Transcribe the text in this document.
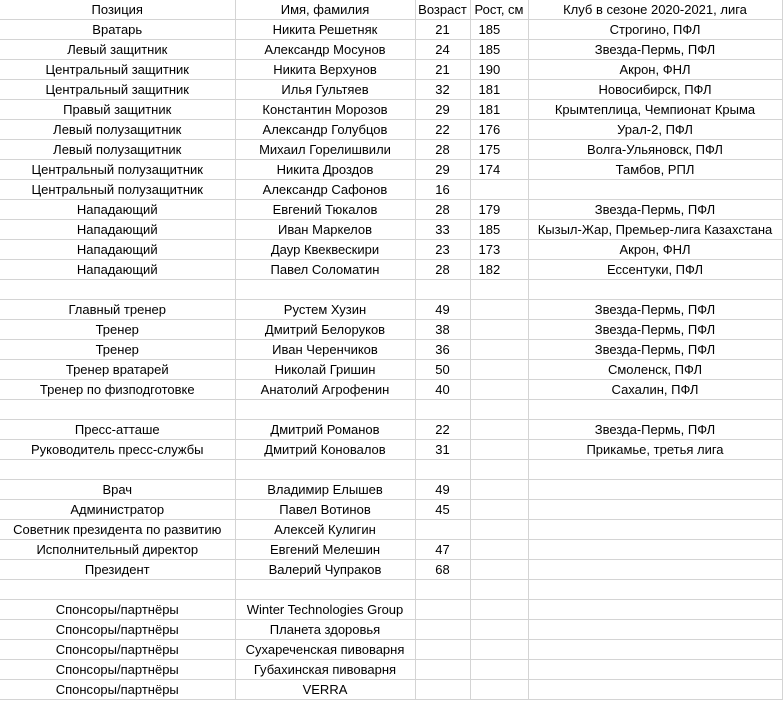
Позиция	Имя, фамилия	Возраст	Рост, см	Клуб в сезоне 2020-2021, лига
Вратарь	Никита Решетняк	21	185	Строгино, ПФЛ
Левый защитник	Александр Мосунов	24	185	Звезда-Пермь, ПФЛ
Центральный защитник	Никита Верхунов	21	190	Акрон, ФНЛ
Центральный защитник	Илья Гультяев	32	181	Новосибирск, ПФЛ
Правый защитник	Константин Морозов	29	181	Крымтеплица, Чемпионат Крыма
Левый полузащитник	Александр Голубцов	22	176	Урал-2, ПФЛ
Левый полузащитник	Михаил Горелишвили	28	175	Волга-Ульяновск, ПФЛ
Центральный полузащитник	Никита Дроздов	29	174	Тамбов, РПЛ
Центральный полузащитник	Александр Сафонов	16		
Нападающий	Евгений Тюкалов	28	179	Звезда-Пермь, ПФЛ
Нападающий	Иван Маркелов	33	185	Кызыл-Жар, Премьер-лига Казахстана
Нападающий	Даур Квеквескири	23	173	Акрон, ФНЛ
Нападающий	Павел Соломатин	28	182	Ессентуки, ПФЛ

Главный тренер	Рустем Хузин	49		Звезда-Пермь, ПФЛ
Тренер	Дмитрий Белоруков	38		Звезда-Пермь, ПФЛ
Тренер	Иван Черенчиков	36		Звезда-Пермь, ПФЛ
Тренер вратарей	Николай Гришин	50		Смоленск, ПФЛ
Тренер по физподготовке	Анатолий Агрофенин	40		Сахалин, ПФЛ

Пресс-атташе	Дмитрий Романов	22		Звезда-Пермь, ПФЛ
Руководитель пресс-службы	Дмитрий Коновалов	31		Прикамье, третья лига

Врач	Владимир Елышев	49		
Администратор	Павел Вотинов	45		
Советник президента по развитию	Алексей Кулигин			
Исполнительный директор	Евгений Мелешин	47		
Президент	Валерий Чупраков	68		

Спонсоры/партнёры	Winter Technologies Group			
Спонсоры/партнёры	Планета здоровья			
Спонсоры/партнёры	Сухареченская пивоварня			
Спонсоры/партнёры	Губахинская пивоварня			
Спонсоры/партнёры	VERRA			
